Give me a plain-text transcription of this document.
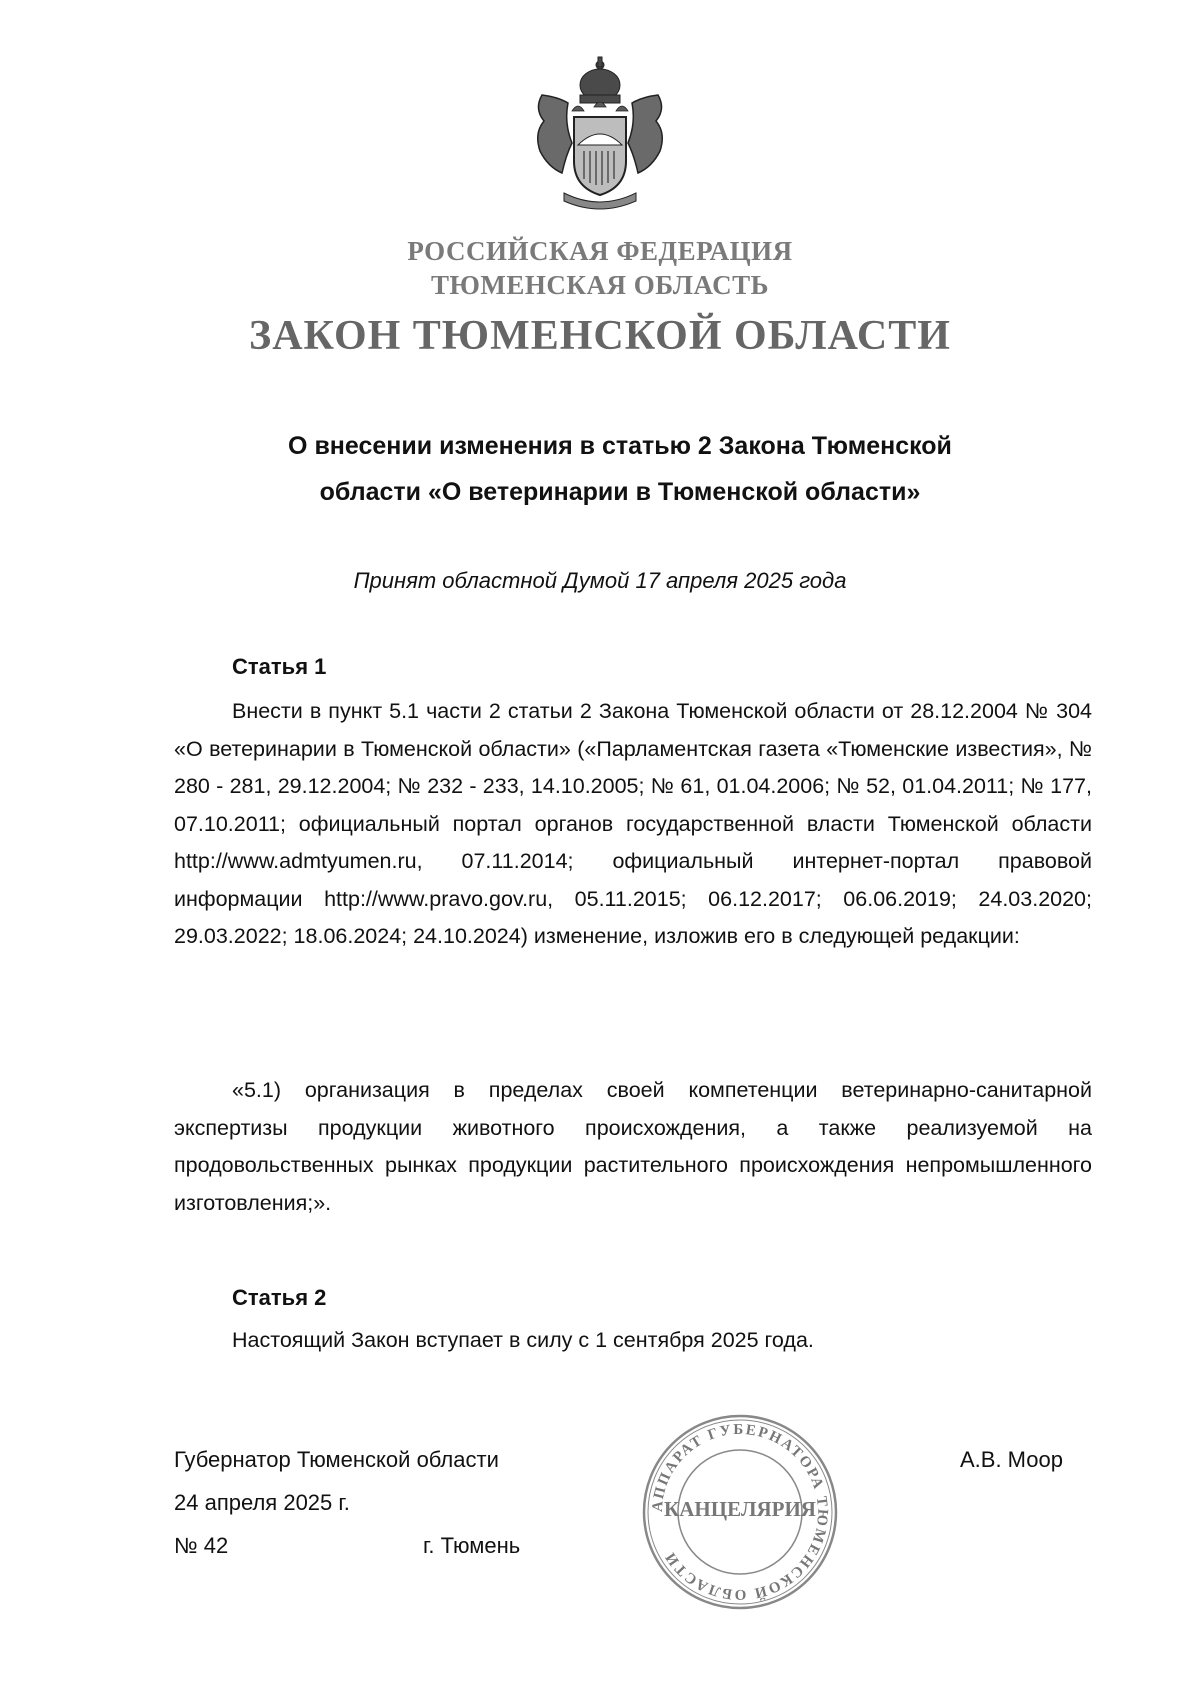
РОССИЙСКАЯ ФЕДЕРАЦИЯ
ТЮМЕНСКАЯ ОБЛАСТЬ
ЗАКОН ТЮМЕНСКОЙ ОБЛАСТИ
О внесении изменения в статью 2 Закона Тюменской
области «О ветеринарии в Тюменской области»
Принят областной Думой 17 апреля 2025 года
Статья 1

Внести в пункт 5.1 части 2 статьи 2 Закона Тюменской области от 28.12.2004 № 304 «О ветеринарии в Тюменской области» («Парламентская газета «Тюменские известия», № 280 - 281, 29.12.2004; № 232 - 233, 14.10.2005; № 61, 01.04.2006; № 52, 01.04.2011; № 177, 07.10.2011; официальный портал органов государственной власти Тюменской области http://www.admtyumen.ru, 07.11.2014; официальный интернет-портал правовой информации http://www.pravo.gov.ru, 05.11.2015; 06.12.2017; 06.06.2019; 24.03.2020; 29.03.2022; 18.06.2024; 24.10.2024) изменение, изложив его в следующей редакции:

«5.1) организация в пределах своей компетенции ветеринарно-санитарной экспертизы продукции животного происхождения, а также реализуемой на продовольственных рынках продукции растительного происхождения непромышленного изготовления;».

Статья 2

Настоящий Закон вступает в силу с 1 сентября 2025 года.

Губернатор Тюменской области
24 апреля 2025 г.
№ 42	г. Тюмень
А.В. Моор
АППАРАТ ГУБЕРНАТОРА ТЮМЕНСКОЙ ОБЛАСТИ
КАНЦЕЛЯРИЯ
